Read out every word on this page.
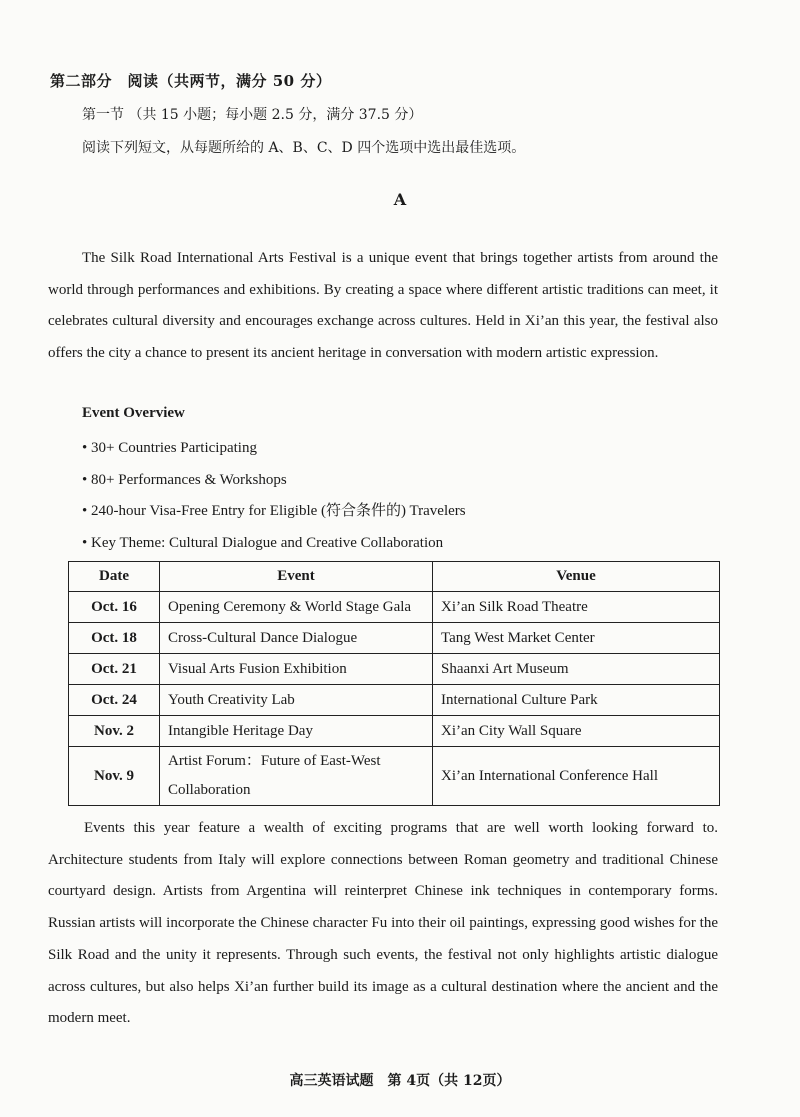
第二部分　阅读（共两节，满分 50 分）
第一节 （共 15 小题；每小题 2.5 分，满分 37.5 分）
阅读下列短文，从每题所给的 A、B、C、D 四个选项中选出最佳选项。
A
The Silk Road International Arts Festival is a unique event that brings together artists from around the world through performances and exhibitions. By creating a space where different artistic traditions can meet, it celebrates cultural diversity and encourages exchange across cultures. Held in Xi’an this year, the festival also offers the city a chance to present its ancient heritage in conversation with modern artistic expression.
Event Overview
• 30+ Countries Participating
• 80+ Performances & Workshops
• 240-hour Visa-Free Entry for Eligible (符合条件的) Travelers
• Key Theme: Cultural Dialogue and Creative Collaboration
Date	Event	Venue
Oct. 16	Opening Ceremony & World Stage Gala	Xi’an Silk Road Theatre
Oct. 18	Cross-Cultural Dance Dialogue	Tang West Market Center
Oct. 21	Visual Arts Fusion Exhibition	Shaanxi Art Museum
Oct. 24	Youth Creativity Lab	International Culture Park
Nov. 2	Intangible Heritage Day	Xi’an City Wall Square
Nov. 9	Artist Forum：Future of East-West Collaboration	Xi’an International Conference Hall
Events this year feature a wealth of exciting programs that are well worth looking forward to. Architecture students from Italy will explore connections between Roman geometry and traditional Chinese courtyard design. Artists from Argentina will reinterpret Chinese ink techniques in contemporary forms. Russian artists will incorporate the Chinese character Fu into their oil paintings, expressing good wishes for the Silk Road and the unity it represents. Through such events, the festival not only highlights artistic dialogue across cultures, but also helps Xi’an further build its image as a cultural destination where the ancient and the modern meet.
高三英语试题　第 4页（共 12页）
